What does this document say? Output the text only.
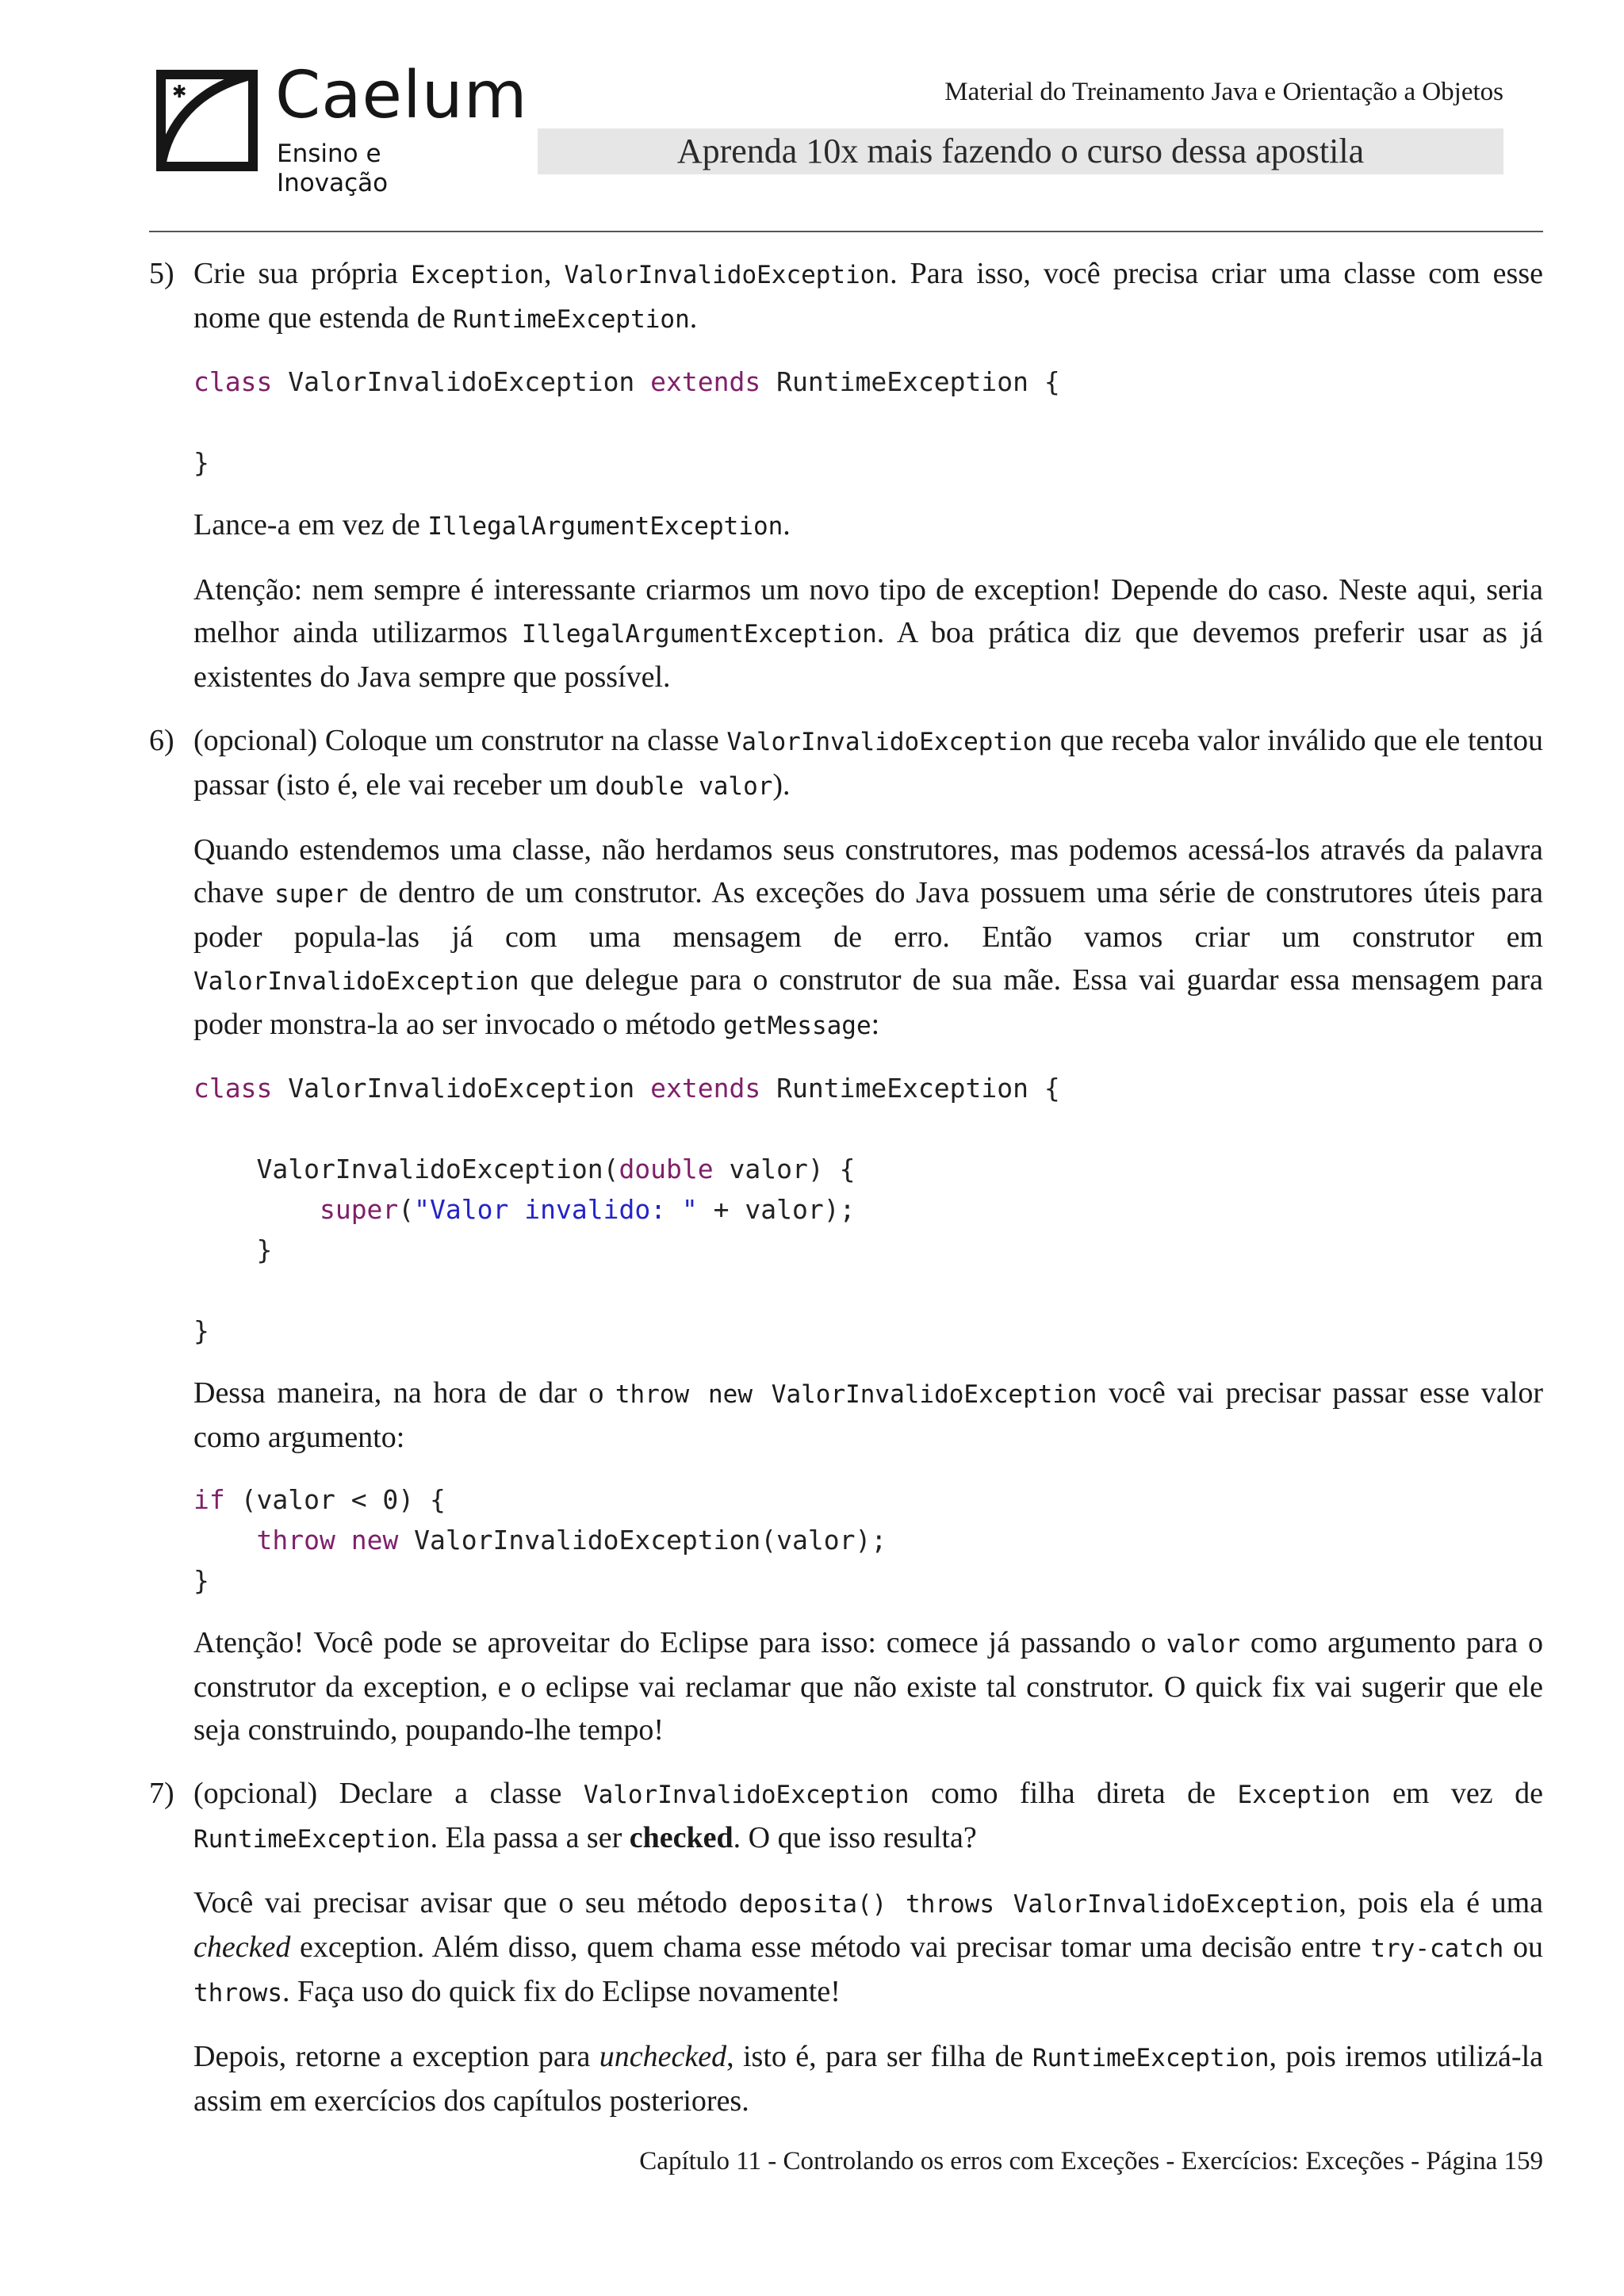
✱ Caelum
Ensino e Inovação
Material do Treinamento Java e Orientação a Objetos
Aprenda 10x mais fazendo o curso dessa apostila
5) Crie sua própria Exception, ValorInvalidoException. Para isso, você precisa criar uma classe com esse nome que estenda de RuntimeException.

class ValorInvalidoException extends RuntimeException {

}

Lance-a em vez de IllegalArgumentException.

Atenção: nem sempre é interessante criarmos um novo tipo de exception! Depende do caso. Neste aqui, seria melhor ainda utilizarmos IllegalArgumentException. A boa prática diz que devemos preferir usar as já existentes do Java sempre que possível.

6) (opcional) Coloque um construtor na classe ValorInvalidoException que receba valor inválido que ele tentou passar (isto é, ele vai receber um double valor).

Quando estendemos uma classe, não herdamos seus construtores, mas podemos acessá-los através da palavra chave super de dentro de um construtor. As exceções do Java possuem uma série de construtores úteis para poder popula-las já com uma mensagem de erro. Então vamos criar um construtor em ValorInvalidoException que delegue para o construtor de sua mãe. Essa vai guardar essa mensagem para poder monstra-la ao ser invocado o método getMessage:

class ValorInvalidoException extends RuntimeException {

ValorInvalidoException(double valor) {
super("Valor invalido: " + valor);
}

}

Dessa maneira, na hora de dar o throw new ValorInvalidoException você vai precisar passar esse valor como argumento:

if (valor < 0) {
throw new ValorInvalidoException(valor);
}

Atenção! Você pode se aproveitar do Eclipse para isso: comece já passando o valor como argumento para o construtor da exception, e o eclipse vai reclamar que não existe tal construtor. O quick fix vai sugerir que ele seja construindo, poupando-lhe tempo!

7) (opcional) Declare a classe ValorInvalidoException como filha direta de Exception em vez de RuntimeException. Ela passa a ser checked. O que isso resulta?

Você vai precisar avisar que o seu método deposita() throws ValorInvalidoException, pois ela é uma checked exception. Além disso, quem chama esse método vai precisar tomar uma decisão entre try-catch ou throws. Faça uso do quick fix do Eclipse novamente!

Depois, retorne a exception para unchecked, isto é, para ser filha de RuntimeException, pois iremos utilizá-la assim em exercícios dos capítulos posteriores.

Capítulo 11 - Controlando os erros com Exceções - Exercícios: Exceções - Página 159
